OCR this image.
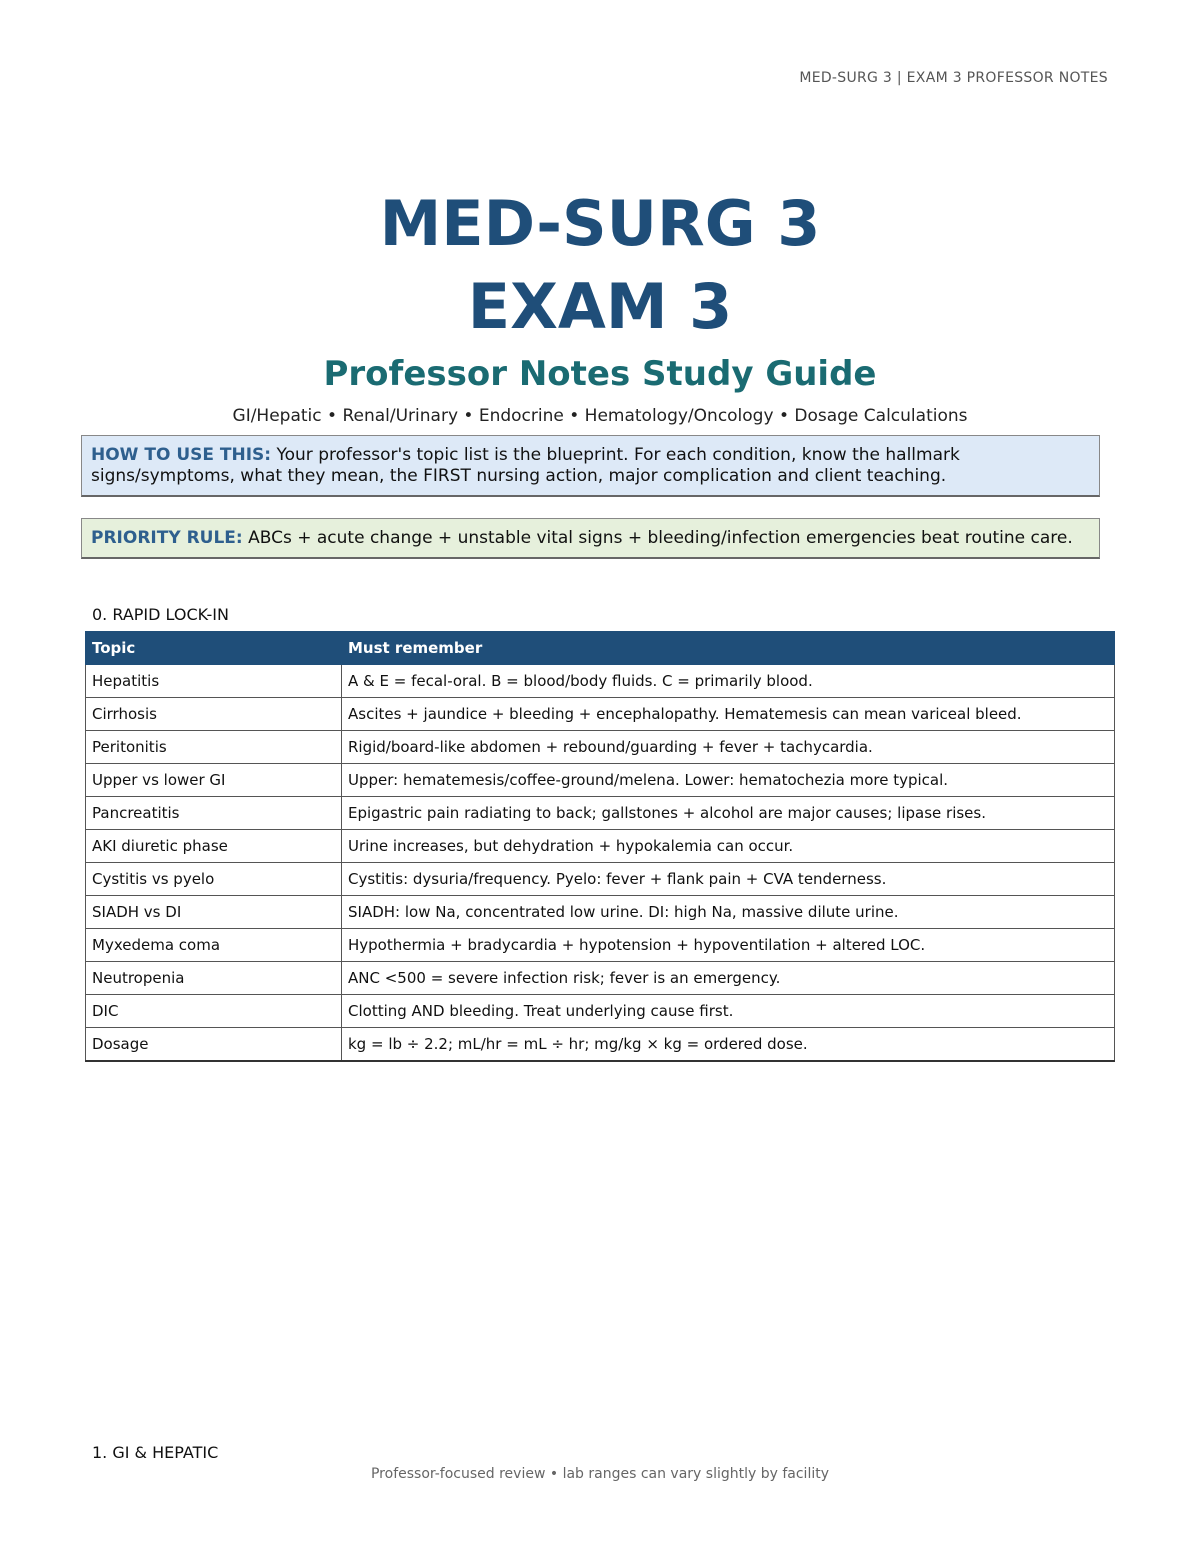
MED-SURG 3 | EXAM 3 PROFESSOR NOTES
MED-SURG 3
EXAM 3
Professor Notes Study Guide
GI/Hepatic • Renal/Urinary • Endocrine • Hematology/Oncology • Dosage Calculations
HOW TO USE THIS: Your professor's topic list is the blueprint. For each condition, know the hallmark signs/symptoms, what they mean, the FIRST nursing action, major complication and client teaching.
PRIORITY RULE: ABCs + acute change + unstable vital signs + bleeding/infection emergencies beat routine care.
0. RAPID LOCK-IN
Topic	Must remember
Hepatitis	A & E = fecal-oral. B = blood/body fluids. C = primarily blood.
Cirrhosis	Ascites + jaundice + bleeding + encephalopathy. Hematemesis can mean variceal bleed.
Peritonitis	Rigid/board-like abdomen + rebound/guarding + fever + tachycardia.
Upper vs lower GI	Upper: hematemesis/coffee-ground/melena. Lower: hematochezia more typical.
Pancreatitis	Epigastric pain radiating to back; gallstones + alcohol are major causes; lipase rises.
AKI diuretic phase	Urine increases, but dehydration + hypokalemia can occur.
Cystitis vs pyelo	Cystitis: dysuria/frequency. Pyelo: fever + flank pain + CVA tenderness.
SIADH vs DI	SIADH: low Na, concentrated low urine. DI: high Na, massive dilute urine.
Myxedema coma	Hypothermia + bradycardia + hypotension + hypoventilation + altered LOC.
Neutropenia	ANC <500 = severe infection risk; fever is an emergency.
DIC	Clotting AND bleeding. Treat underlying cause first.
Dosage	kg = lb ÷ 2.2; mL/hr = mL ÷ hr; mg/kg × kg = ordered dose.
1. GI & HEPATIC
Professor-focused review • lab ranges can vary slightly by facility
